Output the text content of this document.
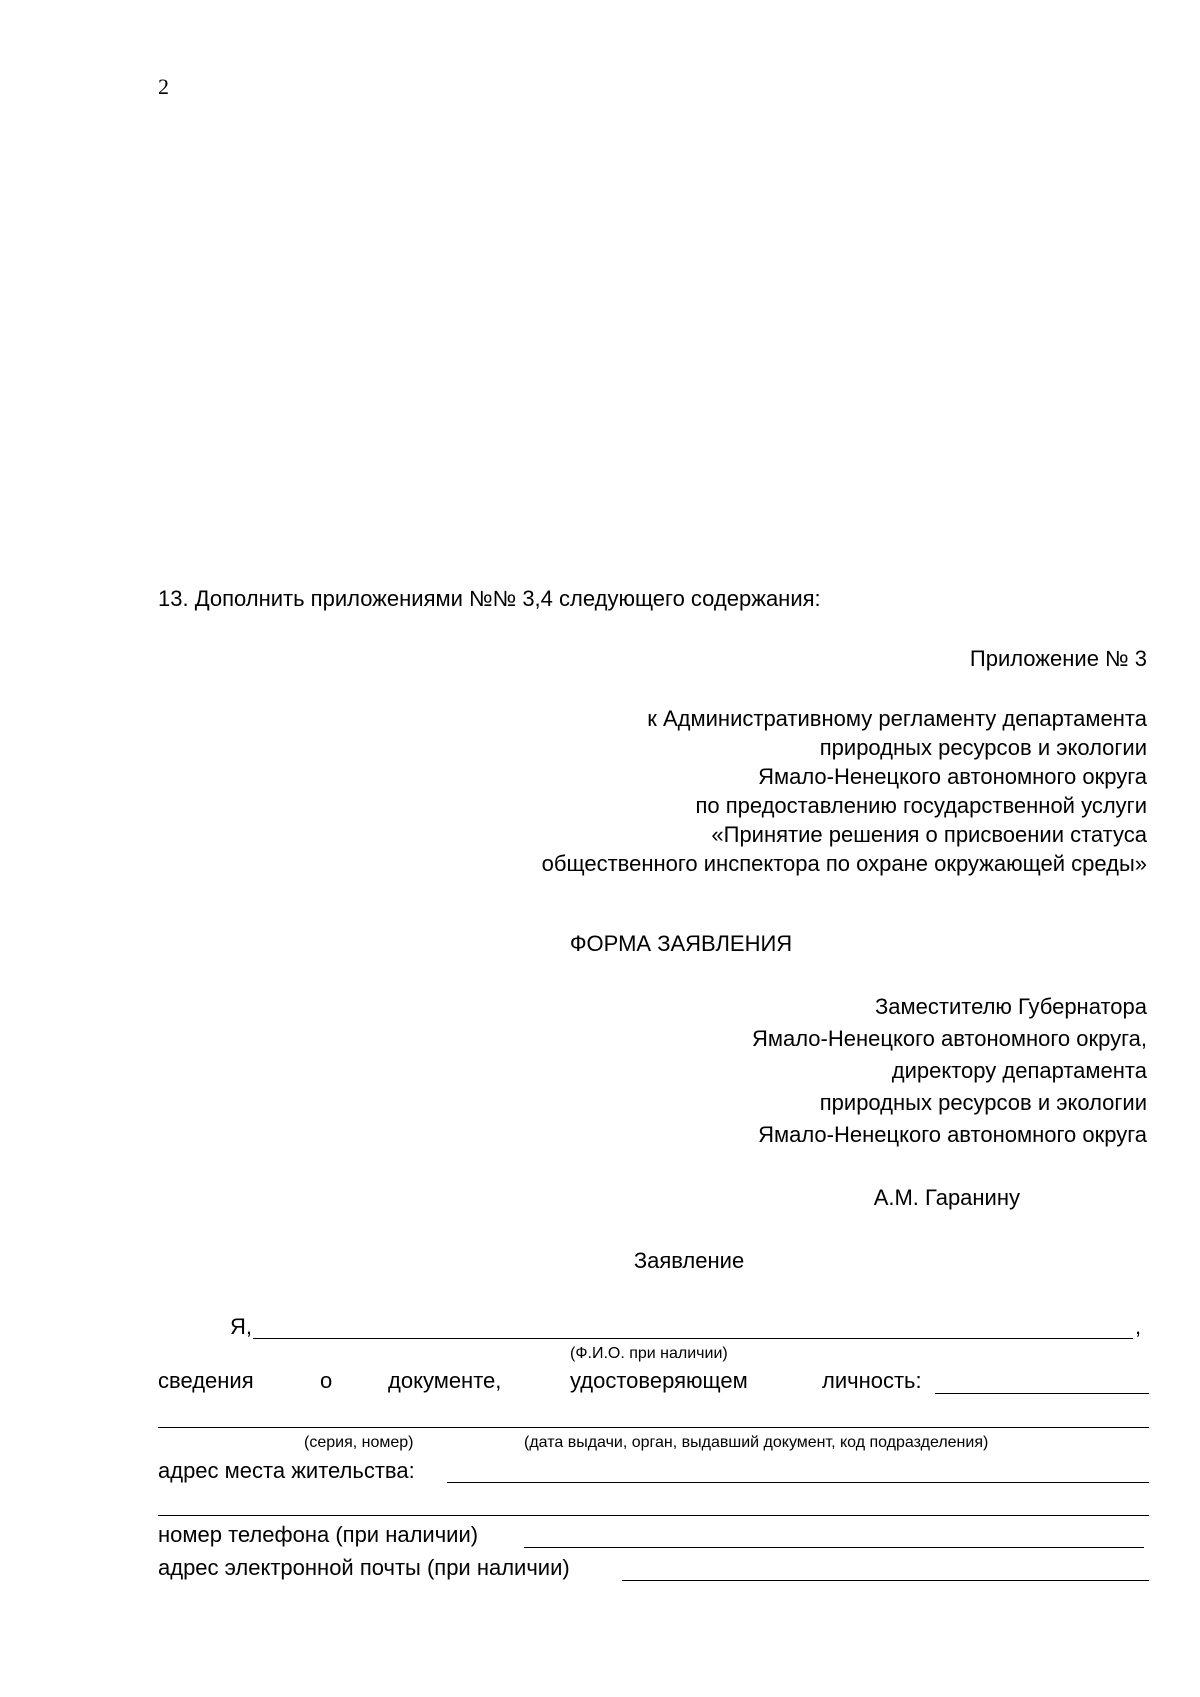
2
13. Дополнить приложениями №№ 3,4 следующего содержания:
Приложение № 3
к Административному регламенту департамента
природных ресурсов и экологии
Ямало-Ненецкого автономного округа
по предоставлению государственной услуги
«Принятие решения о присвоении статуса
общественного инспектора по охране окружающей среды»
ФОРМА ЗАЯВЛЕНИЯ
Заместителю Губернатора
Ямало-Ненецкого автономного округа,
директору департамента
природных ресурсов и экологии
Ямало-Ненецкого автономного округа
А.М. Гаранину
Заявление
Я,	,
(Ф.И.О. при наличии)
сведения	о	документе,	удостоверяющем	личность:
(серия, номер)	(дата выдачи, орган, выдавший документ, код подразделения)
адрес места жительства:
номер телефона (при наличии)
адрес электронной почты (при наличии)
